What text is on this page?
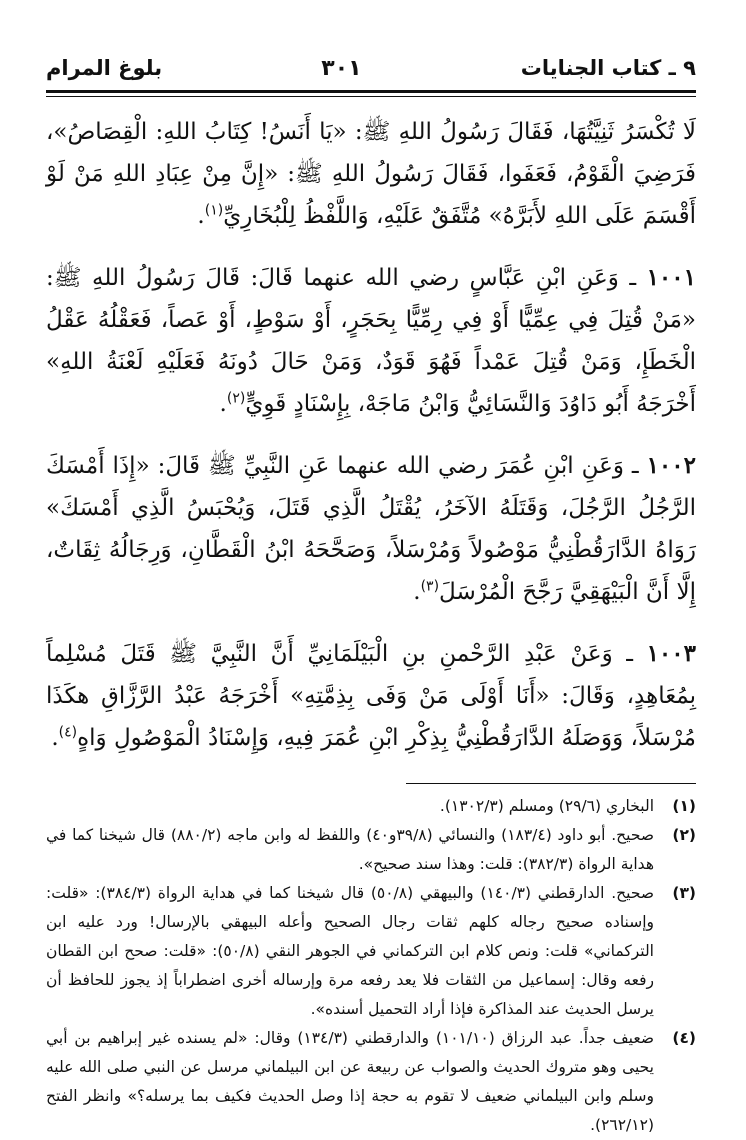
٩ ـ كتاب الجنايات
٣٠١
بلوغ المرام

لَا تُكْسَرُ ثَنِيَّتُهَا، فَقَالَ رَسُولُ اللهِ ﷺ: «يَا أَنَسُ! كِتَابُ اللهِ: الْقِصَاصُ»، فَرَضِيَ الْقَوْمُ، فَعَفَوا، فَقَالَ رَسُولُ اللهِ ﷺ: «إِنَّ مِنْ عِبَادِ اللهِ مَنْ لَوْ أَقْسَمَ عَلَى اللهِ لأَبَرَّهُ» مُتَّفَقٌ عَلَيْهِ، وَاللَّفْظُ لِلْبُخَارِيِّ$^{(١)}$.

١٠٠١ ـ وَعَنِ ابْنِ عَبَّاسٍ رضي الله عنهما قَالَ: قَالَ رَسُولُ اللهِ ﷺ: «مَنْ قُتِلَ فِي عِمِّيًّا أَوْ فِي رِمِّيًّا بِحَجَرٍ، أَوْ سَوْطٍ، أَوْ عَصاً، فَعَقْلُهُ عَقْلُ الْخَطَإِ، وَمَنْ قُتِلَ عَمْداً فَهُوَ قَوَدٌ، وَمَنْ حَالَ دُونَهُ فَعَلَيْهِ لَعْنَةُ اللهِ» أَخْرَجَهُ أَبُو دَاوُدَ وَالنَّسَائِيُّ وَابْنُ مَاجَهْ، بِإِسْنَادٍ قَوِيٍّ$^{(٢)}$.

١٠٠٢ ـ وَعَنِ ابْنِ عُمَرَ رضي الله عنهما عَنِ النَّبِيِّ ﷺ قَالَ: «إِذَا أَمْسَكَ الرَّجُلُ الرَّجُلَ، وَقَتَلَهُ الآخَرُ، يُقْتَلُ الَّذِي قَتَلَ، وَيُحْبَسُ الَّذِي أَمْسَكَ» رَوَاهُ الدَّارَقُطْنِيُّ مَوْصُولاً وَمُرْسَلاً، وَصَحَّحَهُ ابْنُ الْقَطَّانِ، وَرِجَالُهُ ثِقَاتٌ، إِلَّا أَنَّ الْبَيْهَقِيَّ رَجَّحَ الْمُرْسَلَ$^{(٣)}$.

١٠٠٣ ـ وَعَنْ عَبْدِ الرَّحْمنِ بنِ الْبَيْلَمَانِيِّ أَنَّ النَّبِيَّ ﷺ قَتَلَ مُسْلِماً بِمُعَاهِدٍ، وَقَالَ: «أَنَا أَوْلَى مَنْ وَفَى بِذِمَّتِهِ» أَخْرَجَهُ عَبْدُ الرَّزَّاقِ هكَذَا مُرْسَلاً، وَوَصَلَهُ الدَّارَقُطْنِيُّ بِذِكْرِ ابْنِ عُمَرَ فِيهِ، وَإِسْنَادُ الْمَوْصُولِ وَاهٍ$^{(٤)}$.

(١)
البخاري (٢٩/٦) ومسلم (١٣٠٢/٣).
(٢)
صحيح. أبو داود (١٨٣/٤) والنسائي (٣٩/٨و٤٠) واللفظ له وابن ماجه (٨٨٠/٢) قال شيخنا كما في هداية الرواة (٣٨٢/٣): قلت: وهذا سند صحيح».
(٣)
صحيح. الدارقطني (١٤٠/٣) والبيهقي (٥٠/٨) قال شيخنا كما في هداية الرواة (٣٨٤/٣): «قلت: وإسناده صحيح رجاله كلهم ثقات رجال الصحيح وأعله البيهقي بالإرسال! ورد عليه ابن التركماني» قلت: ونص كلام ابن التركماني في الجوهر النقي (٥٠/٨): «قلت: صحح ابن القطان رفعه وقال: إسماعيل من الثقات فلا يعد رفعه مرة وإرساله أخرى اضطراباً إذ يجوز للحافظ أن يرسل الحديث عند المذاكرة فإذا أراد التحميل أسنده».
(٤)
ضعيف جداً. عبد الرزاق (١٠١/١٠) والدارقطني (١٣٤/٣) وقال: «لم يسنده غير إبراهيم بن أبي يحيى وهو متروك الحديث والصواب عن ربيعة عن ابن البيلماني مرسل عن النبي صلى الله عليه وسلم وابن البيلماني ضعيف لا تقوم به حجة إذا وصل الحديث فكيف بما يرسله؟» وانظر الفتح (٢٦٢/١٢).
